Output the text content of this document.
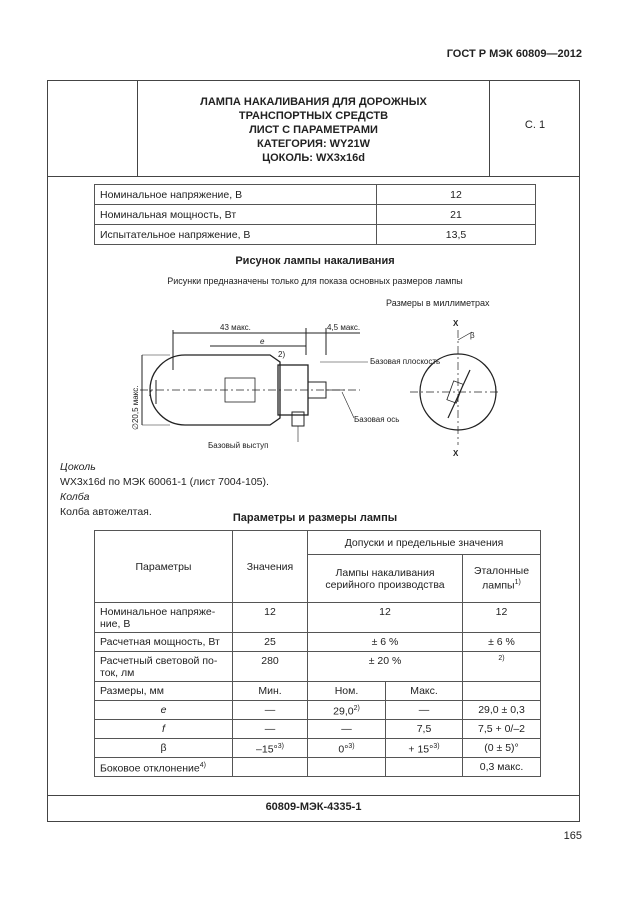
ГОСТ Р МЭК 60809—2012
ЛАМПА НАКАЛИВАНИЯ ДЛЯ ДОРОЖНЫХ
ТРАНСПОРТНЫХ СРЕДСТВ
ЛИСТ С ПАРАМЕТРАМИ
КАТЕГОРИЯ: WY21W
ЦОКОЛЬ: WX3x16d
С. 1
Номинальное напряжение, В	12
Номинальная мощность, Вт	21
Испытательное напряжение, В	13,5
Рисунок лампы накаливания
Рисунки предназначены только для показа основных размеров лампы
Размеры в миллиметрах
43 макс.	4,5 макс.
e
2)
∅20,5 макс. f
Базовая плоскость
Базовая ось
Базовый выступ
X
X
β
Цоколь
WX3x16d по МЭК 60061-1 (лист 7004-105).
Колба
Колба автожелтая.	Параметры и размеры лампы
Параметры	Значения	Допуски и предельные значения		
		Лампы накаливания серийного производства		Эталонные лампы$^{1)}$
Номинальное напряже-ние, В	12	12		12
Расчетная мощность, Вт	25	± 6 %		± 6 %
Расчетный световой по-ток, лм	280	± 20 %		$^{2)}$
Размеры, мм	Мин.	Ном.	Макс.	
e	—	29,0$^{2)}$	—	29,0 ± 0,3
f	—	—	7,5	7,5 + 0/–2
β	–15°$^{3)}$	0°$^{3)}$	+ 15°$^{3)}$	(0 ± 5)°
Боковое отклонение$^{4)}$				0,3 макс.
60809-МЭК-4335-1
165
